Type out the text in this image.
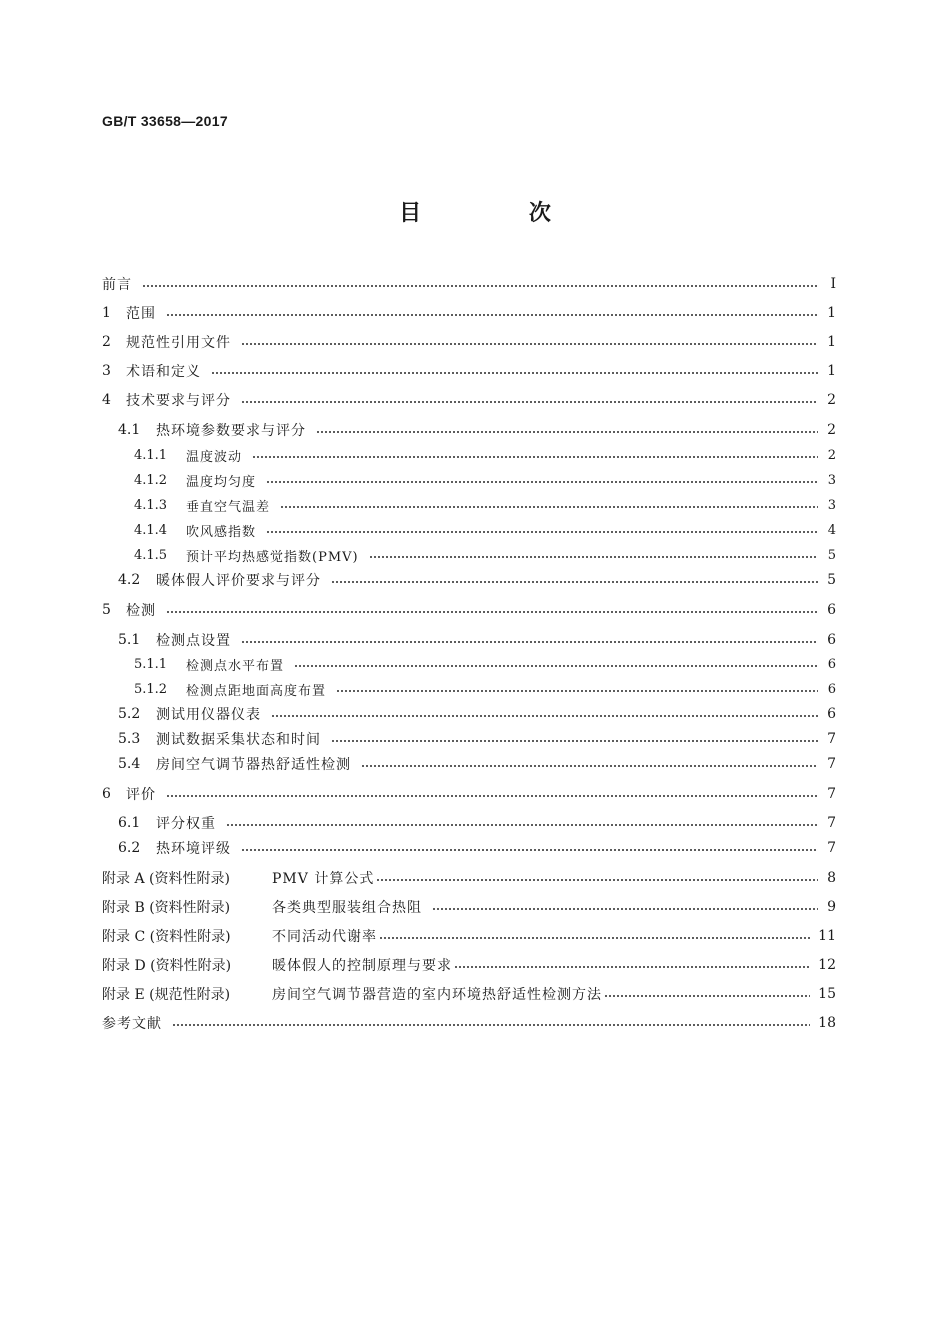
GB/T 33658—2017
目 次
前言	Ⅰ
1	范围	1
2	规范性引用文件	1
3	术语和定义	1
4	技术要求与评分	2
4.1	热环境参数要求与评分	2
4.1.1	温度波动	2
4.1.2	温度均匀度	3
4.1.3	垂直空气温差	3
4.1.4	吹风感指数	4
4.1.5	预计平均热感觉指数(PMV)	5
4.2	暖体假人评价要求与评分	5
5	检测	6
5.1	检测点设置	6
5.1.1	检测点水平布置	6
5.1.2	检测点距地面高度布置	6
5.2	测试用仪器仪表	6
5.3	测试数据采集状态和时间	7
5.4	房间空气调节器热舒适性检测	7
6	评价	7
6.1	评分权重	7
6.2	热环境评级	7
附录 A (资料性附录)	PMV 计算公式	8
附录 B (资料性附录)	各类典型服装组合热阻	9
附录 C (资料性附录)	不同活动代谢率	11
附录 D (资料性附录)	暖体假人的控制原理与要求	12
附录 E (规范性附录)	房间空气调节器营造的室内环境热舒适性检测方法	15
参考文献	18
